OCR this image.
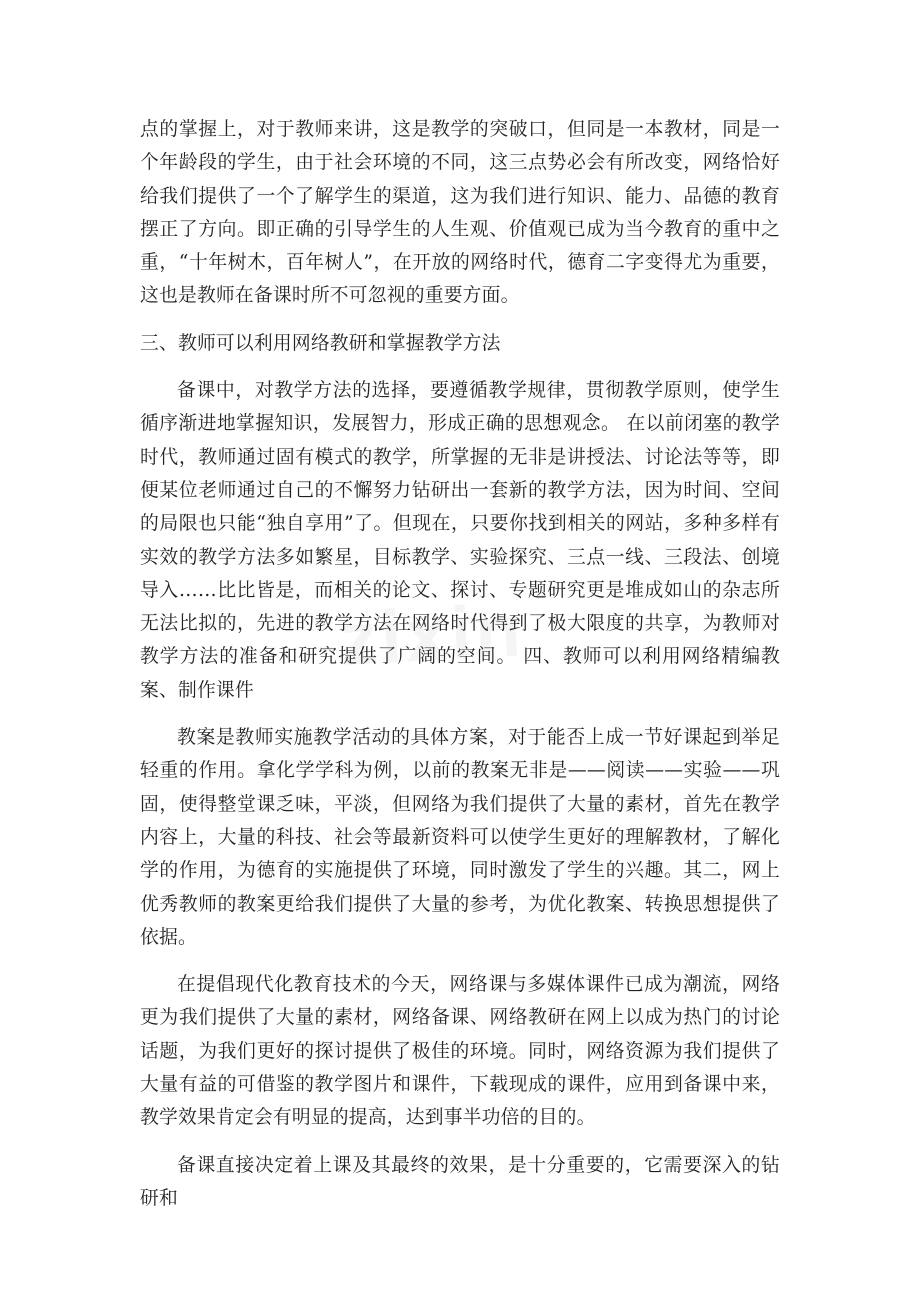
点的掌握上，对于教师来讲，这是教学的突破口，但同是一本教材，同是一个年龄段的学生，由于社会环境的不同，这三点势必会有所改变，网络恰好给我们提供了一个了解学生的渠道，这为我们进行知识、能力、品德的教育摆正了方向。即正确的引导学生的人生观、价值观已成为当今教育的重中之重，“十年树木，百年树人”，在开放的网络时代，德育二字变得尤为重要，这也是教师在备课时所不可忽视的重要方面。

三、教师可以利用网络教研和掌握教学方法

备课中，对教学方法的选择，要遵循教学规律，贯彻教学原则，使学生循序渐进地掌握知识，发展智力，形成正确的思想观念。 在以前闭塞的教学时代，教师通过固有模式的教学，所掌握的无非是讲授法、讨论法等等，即便某位老师通过自己的不懈努力钻研出一套新的教学方法，因为时间、空间的局限也只能“独自享用”了。但现在，只要你找到相关的网站，多种多样有实效的教学方法多如繁星，目标教学、实验探究、三点一线、三段法、创境导入……比比皆是，而相关的论文、探讨、专题研究更是堆成如山的杂志所无法比拟的，先进的教学方法在网络时代得到了极大限度的共享，为教师对教学方法的准备和研究提供了广阔的空间。 四、教师可以利用网络精编教案、制作课件

教案是教师实施教学活动的具体方案，对于能否上成一节好课起到举足轻重的作用。拿化学学科为例，以前的教案无非是——阅读——实验——巩固，使得整堂课乏味，平淡，但网络为我们提供了大量的素材，首先在教学内容上，大量的科技、社会等最新资料可以使学生更好的理解教材，了解化学的作用，为德育的实施提供了环境，同时激发了学生的兴趣。其二，网上优秀教师的教案更给我们提供了大量的参考，为优化教案、转换思想提供了依据。

在提倡现代化教育技术的今天，网络课与多媒体课件已成为潮流，网络更为我们提供了大量的素材，网络备课、网络教研在网上以成为热门的讨论话题，为我们更好的探讨提供了极佳的环境。同时，网络资源为我们提供了大量有益的可借鉴的教学图片和课件，下载现成的课件，应用到备课中来，教学效果肯定会有明显的提高，达到事半功倍的目的。

备课直接决定着上课及其最终的效果，是十分重要的，它需要深入的钻研和

zixin
